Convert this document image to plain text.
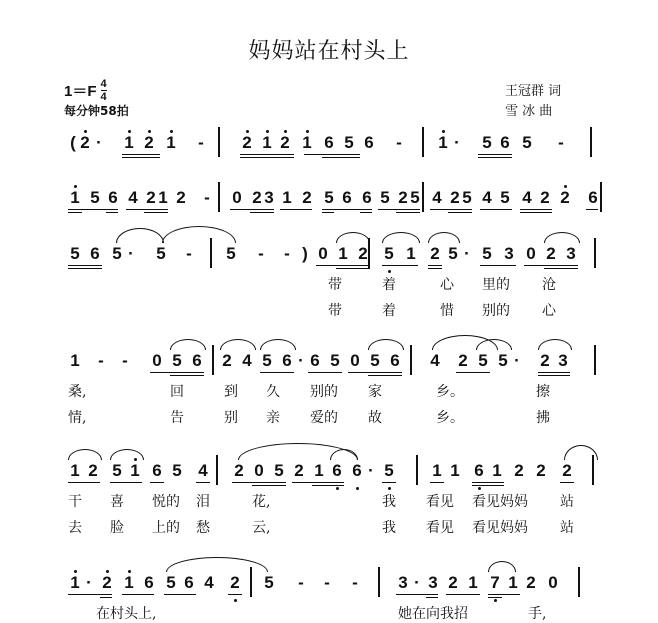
妈妈站在村头上
1＝F 4
4
每分钟58拍
王冠群 词
雪 冰 曲
( 2 · 1 2 1 - 2 1 2 1 6 5 6 - 1 · 5 6 5 -
1 5 6 4 2 1 2 - 0 2 3 1 2 5 6 6 5 2 5 4 2 5 4 5 4 2 2 6
5 6 5 · 5 - 5 - - ) 0 1 2 5 1 2 5 · 5 3 0 2 3
带	着	心 里的 沧
带	着	惜 别的 心
1 - - 0 5 6 2 4 5 6 · 6 5 0 5 6 4 2 5 5 · 2 3
桑,	回	到 久 别的 家	乡。	擦
情,	告	别 亲 爱的 故	乡。	拂
1 2 5 1 6 5 4 2 0 5 2 1 6 6 · 5 1 1 6 1 2 2 2
干 喜 悦的 泪	花,	我 看见 看见妈妈 站
去 脸 上的 愁	云,	我 看见 看见妈妈 站
1 · 2 1 6 5 6 4 2 5 - - - 3 · 3 2 1 7 1 2 0
在村头上,	她在向我招	手,
